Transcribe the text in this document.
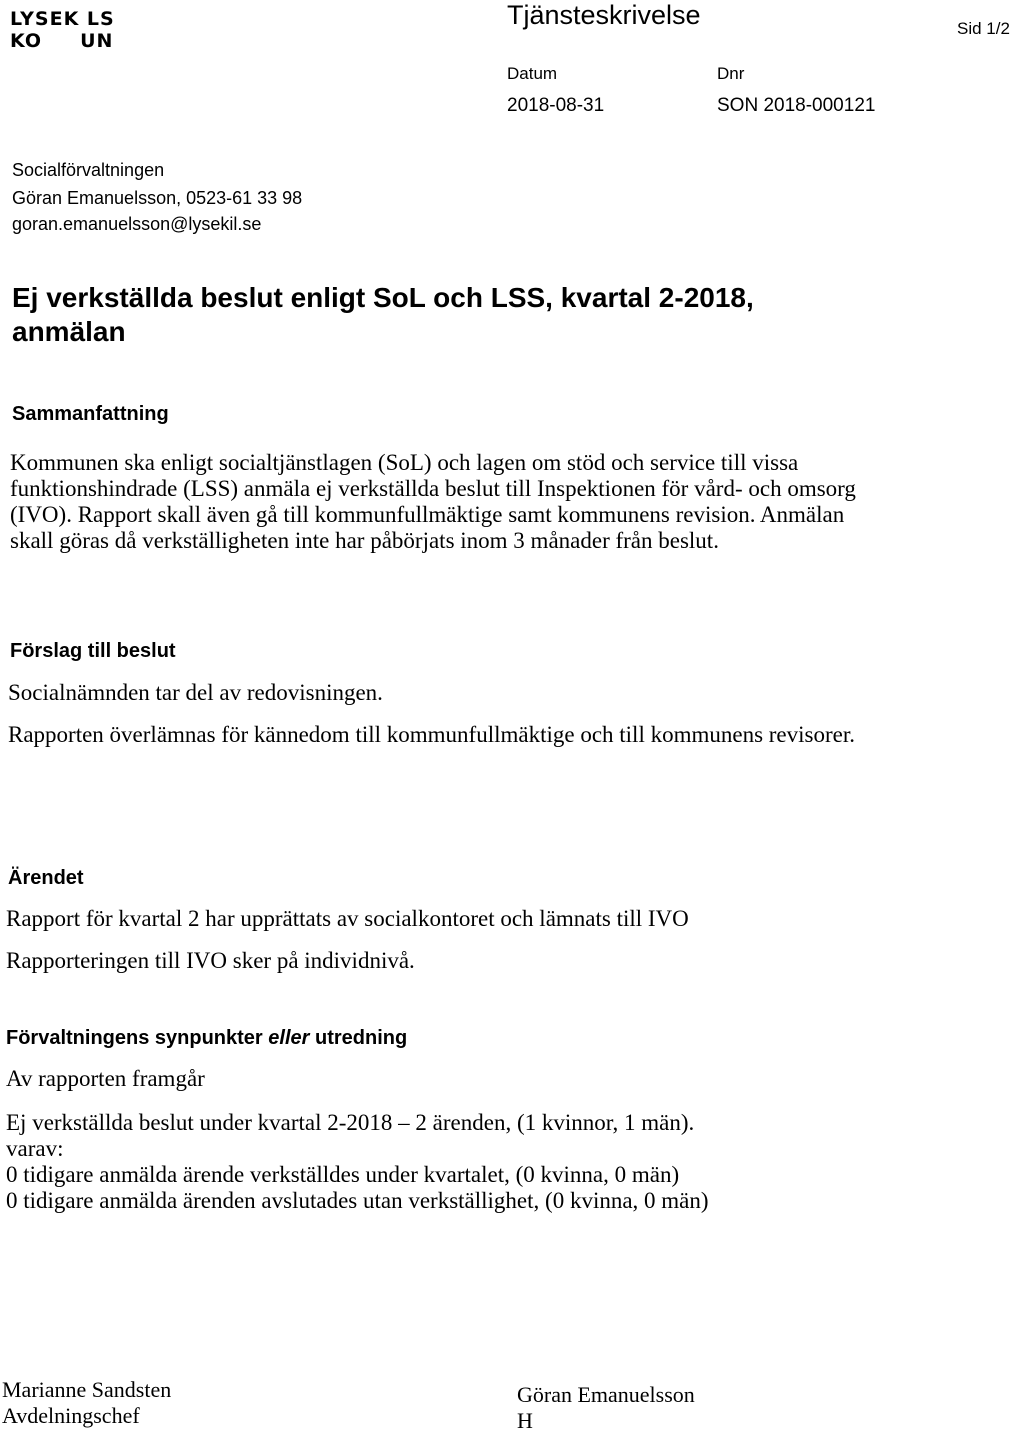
LYSEK LS
KO     UN
Tjänsteskrivelse	Sid 1/2
Datum	Dnr
2018-08-31	SON 2018-000121
Socialförvaltningen
Göran Emanuelsson, 0523-61 33 98
goran.emanuelsson@lysekil.se
Ej verkställda beslut enligt SoL och LSS, kvartal 2-2018, anmälan
Sammanfattning
Kommunen ska enligt socialtjänstlagen (SoL) och lagen om stöd och service till vissa funktionshindrade (LSS) anmäla ej verkställda beslut till Inspektionen för vård- och omsorg (IVO). Rapport skall även gå till kommunfullmäktige samt kommunens revision. Anmälan skall göras då verkställigheten inte har påbörjats inom 3 månader från beslut.
Förslag till beslut
Socialnämnden tar del av redovisningen.
Rapporten överlämnas för kännedom till kommunfullmäktige och till kommunens revisorer.
Ärendet
Rapport för kvartal 2 har upprättats av socialkontoret och lämnats till IVO
Rapporteringen till IVO sker på individnivå.
Förvaltningens synpunkter eller utredning
Av rapporten framgår
Ej verkställda beslut under kvartal 2-2018 – 2 ärenden, (1 kvinnor, 1 män).
varav:
0 tidigare anmälda ärende verkställdes under kvartalet, (0 kvinna, 0 män)
0 tidigare anmälda ärenden avslutades utan verkställighet, (0 kvinna, 0 män)
Marianne Sandsten
Avdelningschef
Göran Emanuelsson
H
